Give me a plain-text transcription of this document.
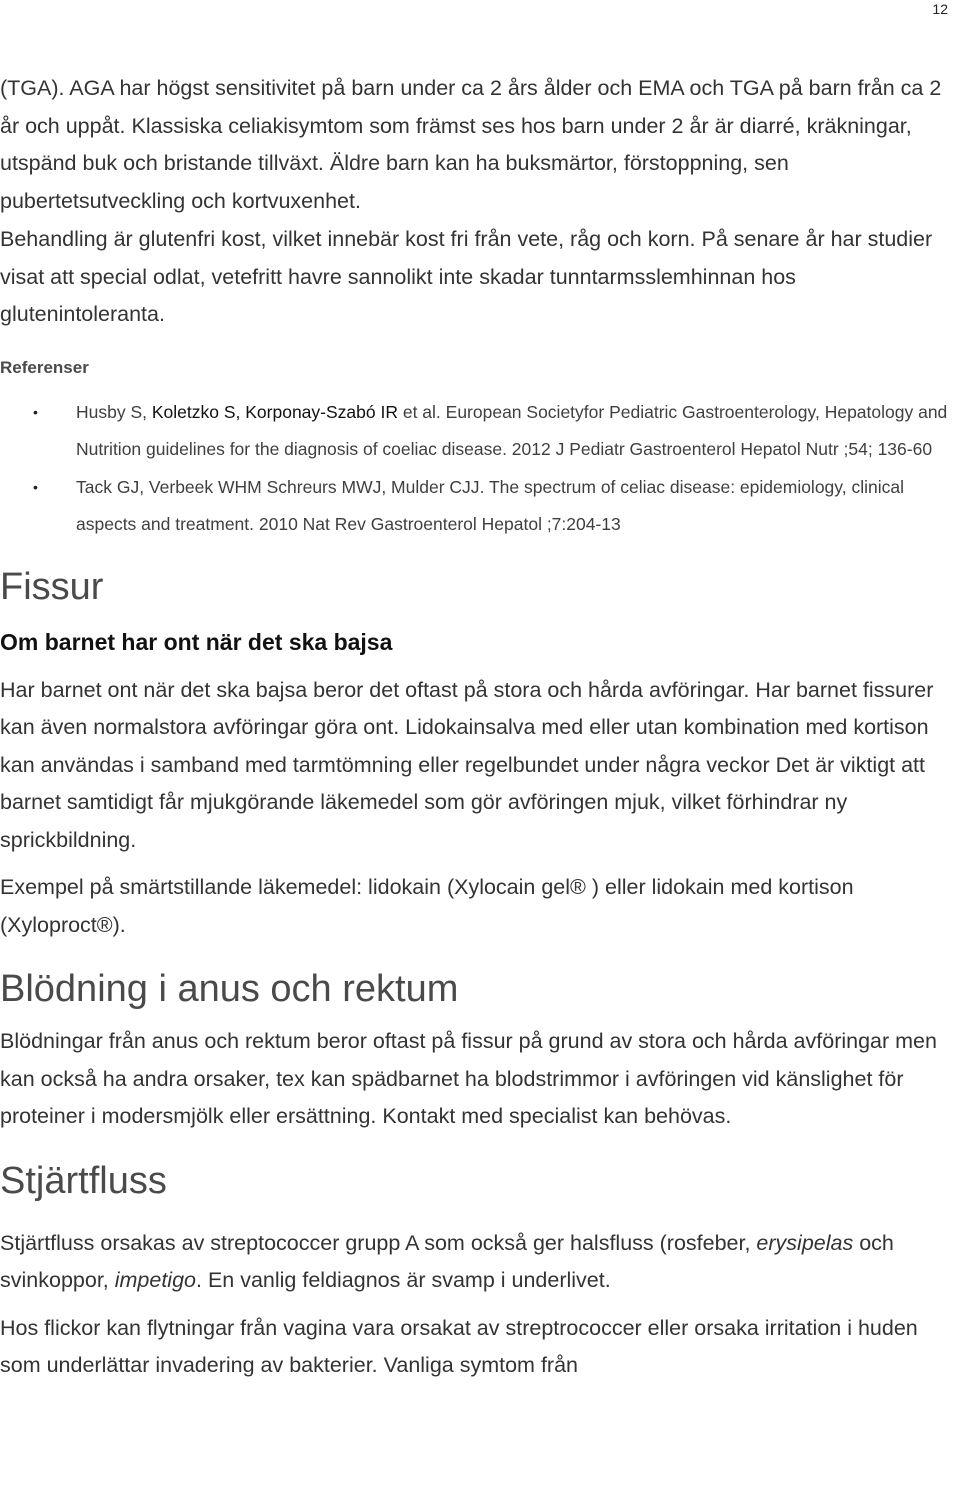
12

(TGA). AGA har högst sensitivitet på barn under ca 2 års ålder och EMA och TGA på barn från ca 2 år och uppåt. Klassiska celiakisymtom som främst ses hos barn under 2 år är diarré, kräkningar, utspänd buk och bristande tillväxt. Äldre barn kan ha buksmärtor, förstoppning, sen pubertetsutveckling och kortvuxenhet.

Behandling är glutenfri kost, vilket innebär kost fri från vete, råg och korn. På senare år har studier visat att special odlat, vetefritt havre sannolikt inte skadar tunntarmsslemhinnan hos glutenintoleranta.

Referenser
• Husby S, Koletzko S, Korponay-Szabó IR et al. European Societyfor Pediatric Gastroenterology, Hepatology and Nutrition guidelines for the diagnosis of coeliac disease. 2012 J Pediatr Gastroenterol Hepatol Nutr ;54; 136-60
• Tack GJ, Verbeek WHM Schreurs MWJ, Mulder CJJ. The spectrum of celiac disease: epidemiology, clinical aspects and treatment. 2010 Nat Rev Gastroenterol Hepatol ;7:204-13
Fissur
Om barnet har ont när det ska bajsa

Har barnet ont när det ska bajsa beror det oftast på stora och hårda avföringar. Har barnet fissurer kan även normalstora avföringar göra ont. Lidokainsalva med eller utan kombination med kortison kan användas i samband med tarmtömning eller regelbundet under några veckor Det är viktigt att barnet samtidigt får mjukgörande läkemedel som gör avföringen mjuk, vilket förhindrar ny sprickbildning.

Exempel på smärtstillande läkemedel: lidokain (Xylocain gel® ) eller lidokain med kortison (Xyloproct®).

Blödning i anus och rektum

Blödningar från anus och rektum beror oftast på fissur på grund av stora och hårda avföringar men kan också ha andra orsaker, tex kan spädbarnet ha blodstrimmor i avföringen vid känslighet för proteiner i modersmjölk eller ersättning. Kontakt med specialist kan behövas.

Stjärtfluss

Stjärtfluss orsakas av streptococcer grupp A som också ger halsfluss (rosfeber, erysipelas och svinkoppor, impetigo. En vanlig feldiagnos är svamp i underlivet.

Hos flickor kan flytningar från vagina vara orsakat av streptrococcer eller orsaka irritation i huden som underlättar invadering av bakterier. Vanliga symtom från
